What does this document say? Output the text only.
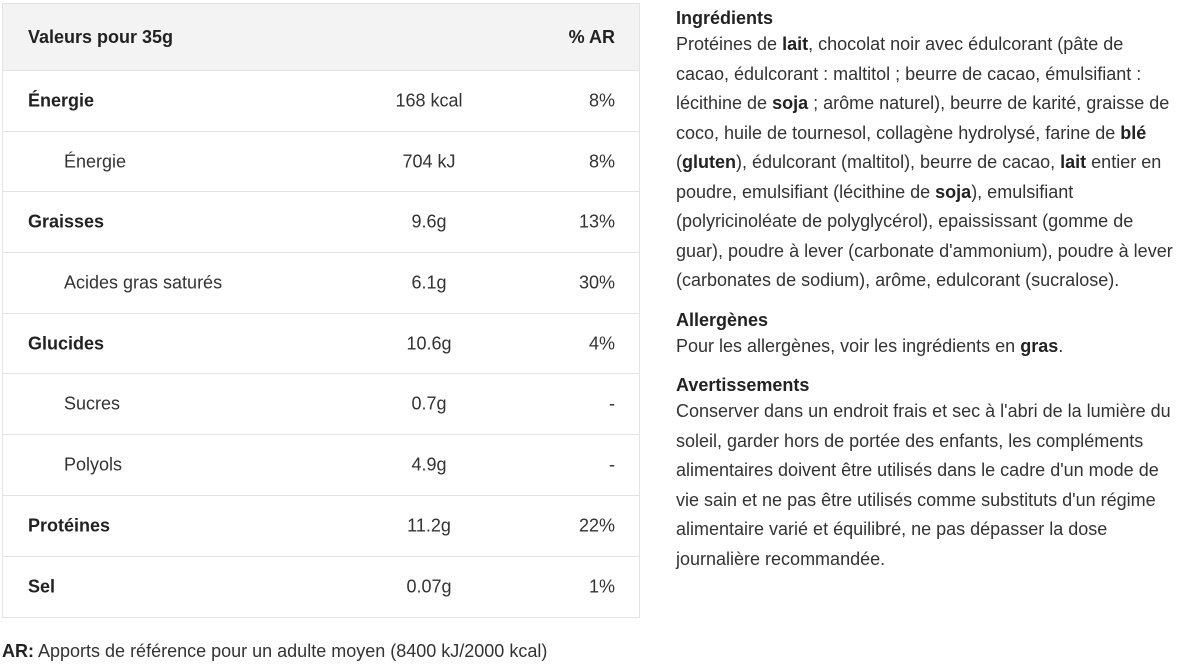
Valeurs pour 35g	% AR
Énergie	168 kcal	8%
Énergie	704 kJ	8%
Graisses	9.6g	13%
Acides gras saturés	6.1g	30%
Glucides	10.6g	4%
Sucres	0.7g	-
Polyols	4.9g	-
Protéines	11.2g	22%
Sel	0.07g	1%
AR: Apports de référence pour un adulte moyen (8400 kJ/2000 kcal)
Ingrédients

Protéines de lait, chocolat noir avec édulcorant (pâte de cacao, édulcorant : maltitol ; beurre de cacao, émulsifiant : lécithine de soja ; arôme naturel), beurre de karité, graisse de coco, huile de tournesol, collagène hydrolysé, farine de blé (gluten), édulcorant (maltitol), beurre de cacao, lait entier en poudre, emulsifiant (lécithine de soja), emulsifiant (polyricinoléate de polyglycérol), epaississant (gomme de guar), poudre à lever (carbonate d'ammonium), poudre à lever (carbonates de sodium), arôme, edulcorant (sucralose).

Allergènes

Pour les allergènes, voir les ingrédients en gras.

Avertissements

Conserver dans un endroit frais et sec à l'abri de la lumière du soleil, garder hors de portée des enfants, les compléments alimentaires doivent être utilisés dans le cadre d'un mode de vie sain et ne pas être utilisés comme substituts d'un régime alimentaire varié et équilibré, ne pas dépasser la dose journalière recommandée.
